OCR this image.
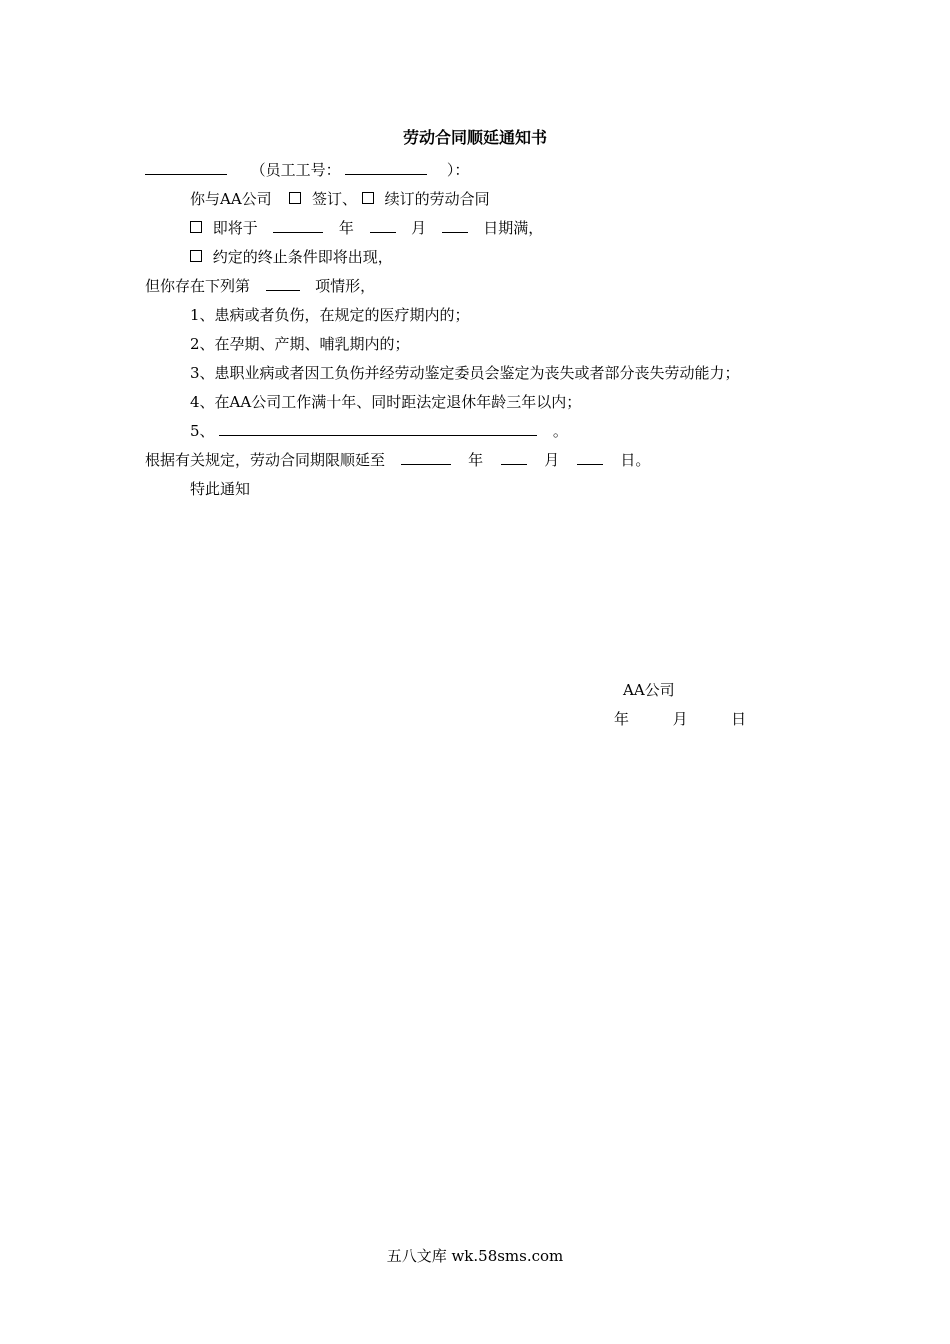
劳动合同顺延通知书
（员工工号：	）：
你与AA公司	签订、 续订的劳动合同
即将于	年	月	日期满，
约定的终止条件即将出现，
但你存在下列第	项情形，
1、患病或者负伤，在规定的医疗期内的；
2、在孕期、产期、哺乳期内的；
3、患职业病或者因工负伤并经劳动鉴定委员会鉴定为丧失或者部分丧失劳动能力；
4、在AA公司工作满十年、同时距法定退休年龄三年以内；
5、	。
根据有关规定，劳动合同期限顺延至	年	月	日。
特此通知
AA公司
年	月	日
五八文库 wk.58sms.com
